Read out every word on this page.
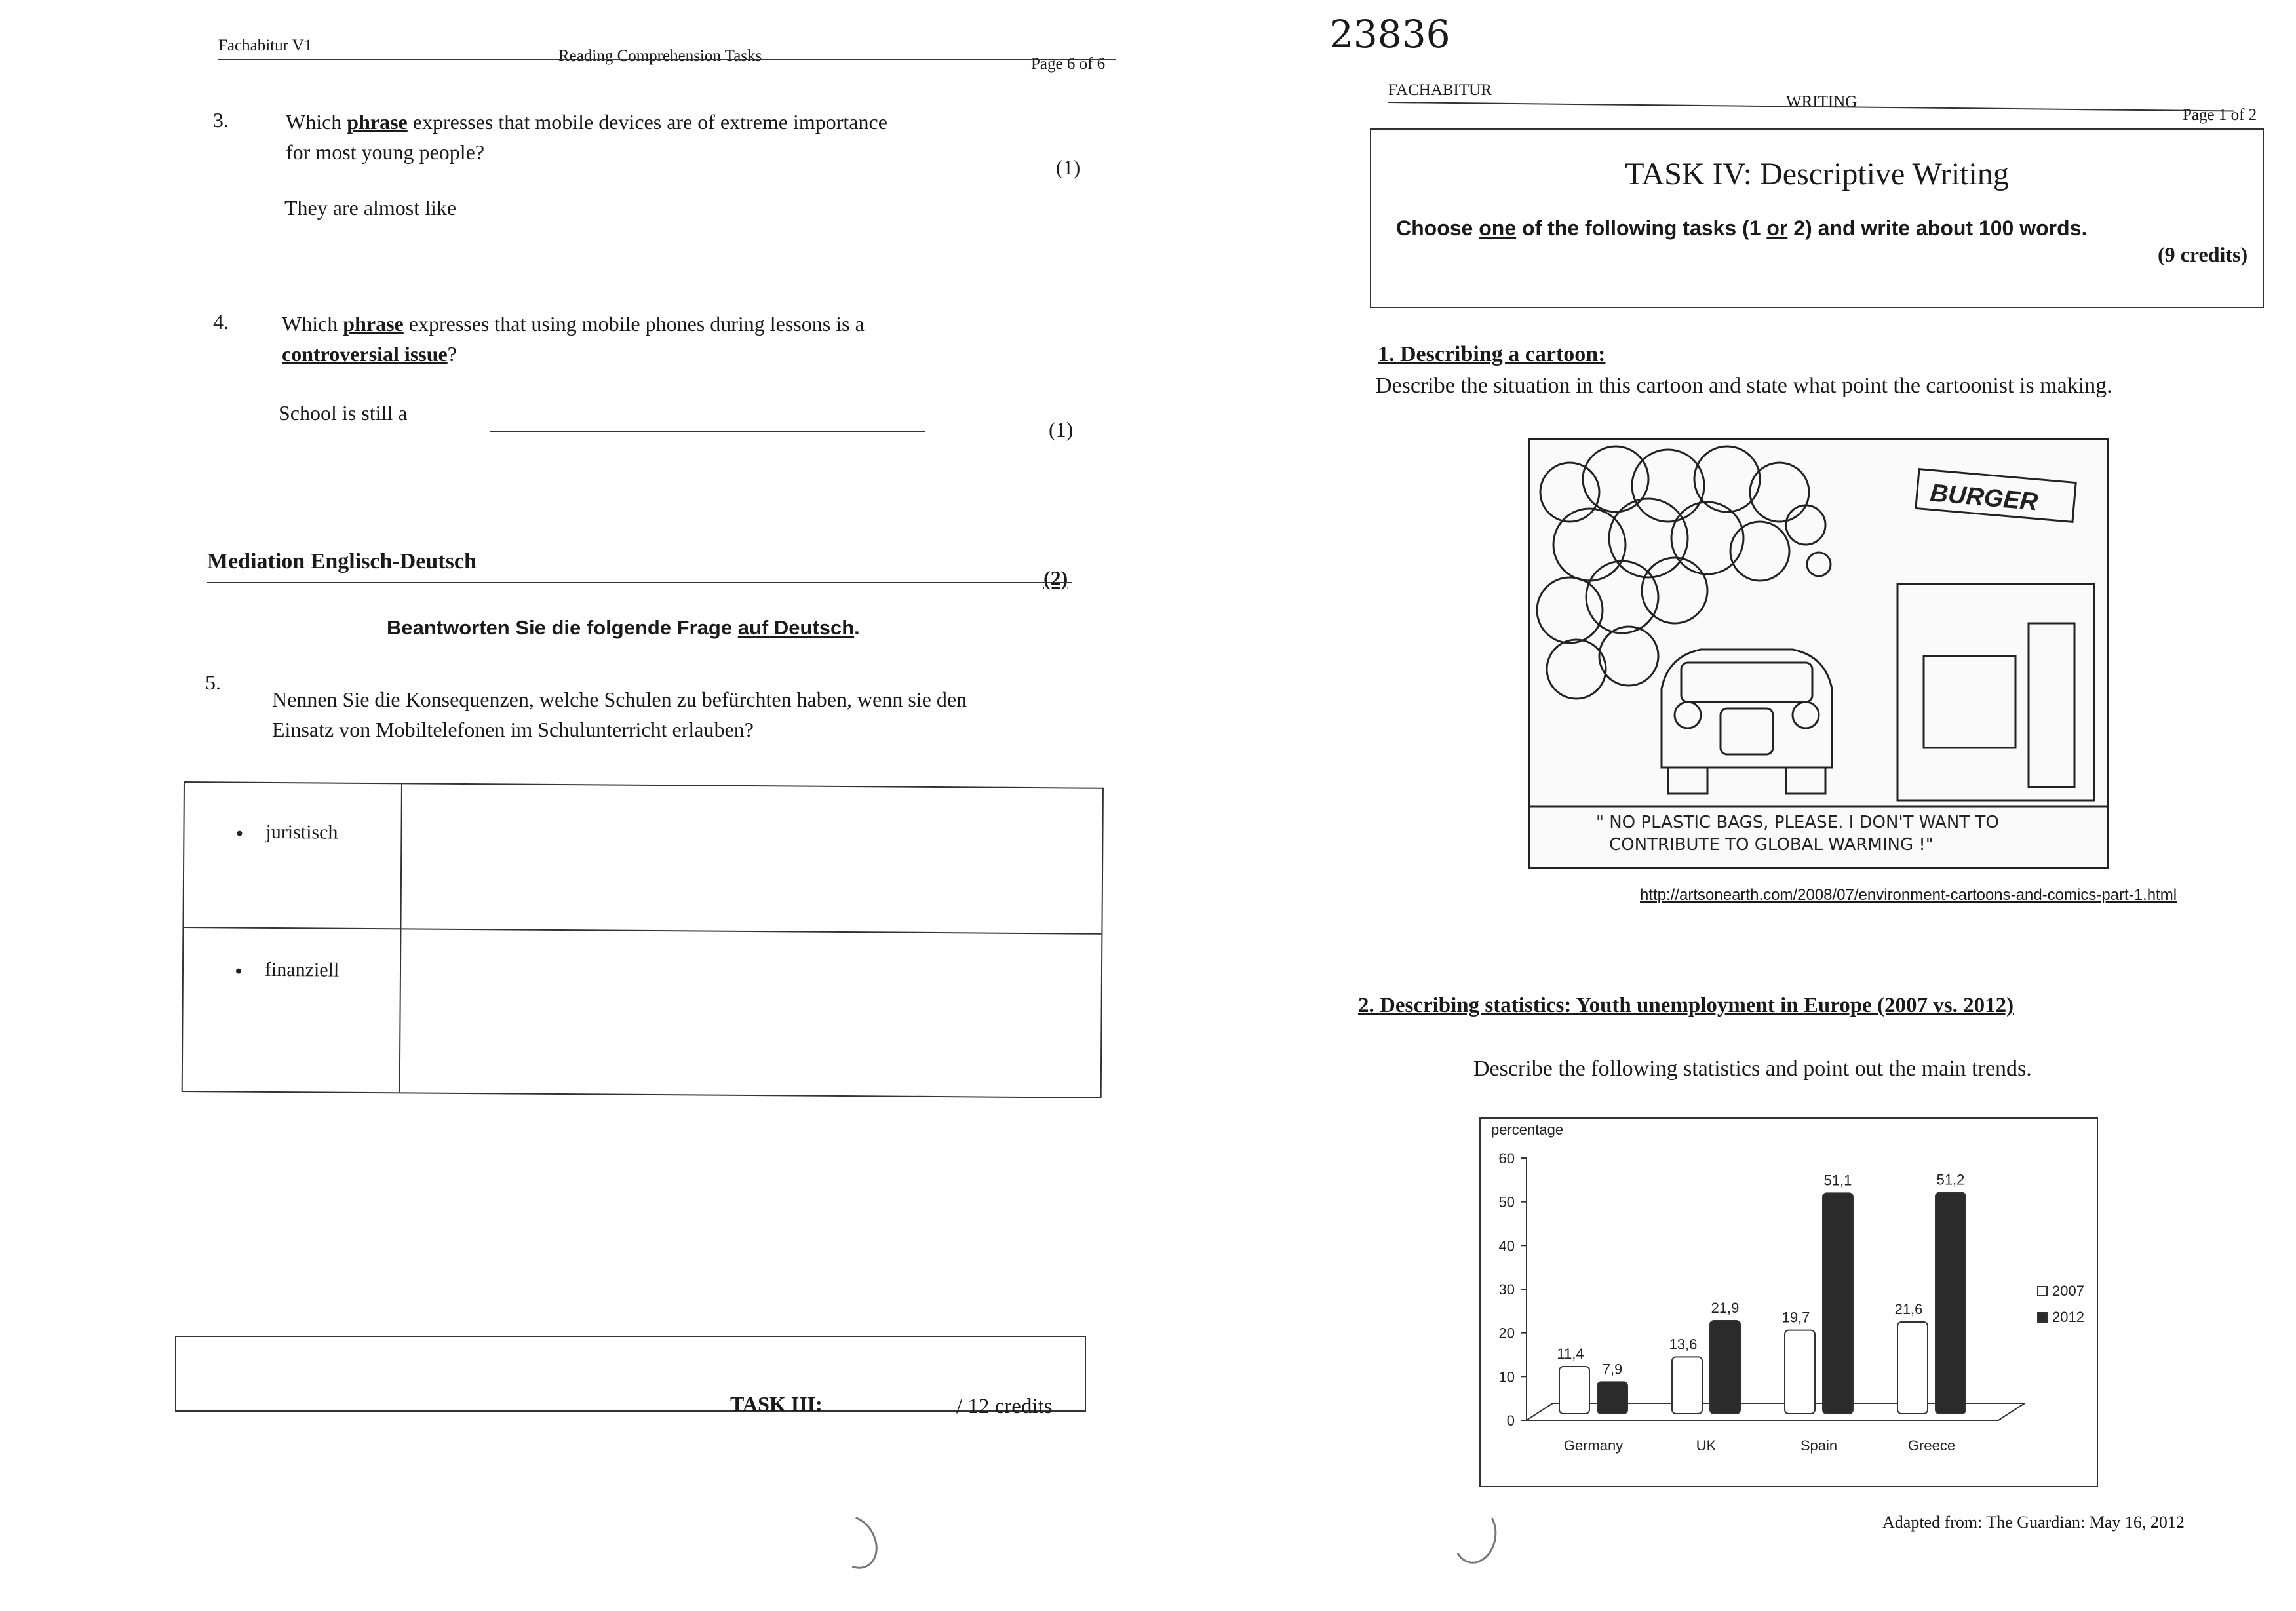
Fachabitur V1
Reading Comprehension Tasks	Page 6 of 6
3.	Which phrase expresses that mobile devices are of extreme importance
for most young people?
(1)
They are almost like
4.	Which phrase expresses that using mobile phones during lessons is a
controversial issue?
School is still a
(1)
Mediation Englisch-Deutsch
(2)
Beantworten Sie die folgende Frage auf Deutsch.
5.
Nennen Sie die Konsequenzen, welche Schulen zu befürchten haben, wenn sie den
Einsatz von Mobiltelefonen im Schulunterricht erlauben?
juristisch
finanziell
TASK III:	/ 12 credits
23836
FACHABITUR
WRITING
Page 1 of 2
TASK IV: Descriptive Writing
Choose one of the following tasks (1 or 2) and write about 100 words.
(9 credits)
1. Describing a cartoon:
Describe the situation in this cartoon and state what point the cartoonist is making.
BURGER
" NO PLASTIC BAGS, PLEASE. I DON'T WANT TO
CONTRIBUTE TO GLOBAL WARMING !"
http://artsonearth.com/2008/07/environment-cartoons-and-comics-part-1.html
2. Describing statistics: Youth unemployment in Europe (2007 vs. 2012)
Describe the following statistics and point out the main trends.
percentage
0
10
20
30
40
50
60
11,4
7,9
Germany
13,6
21,9
UK
19,7
51,1
Spain
21,6
51,2
Greece
2007
2012
Adapted from: The Guardian: May 16, 2012
